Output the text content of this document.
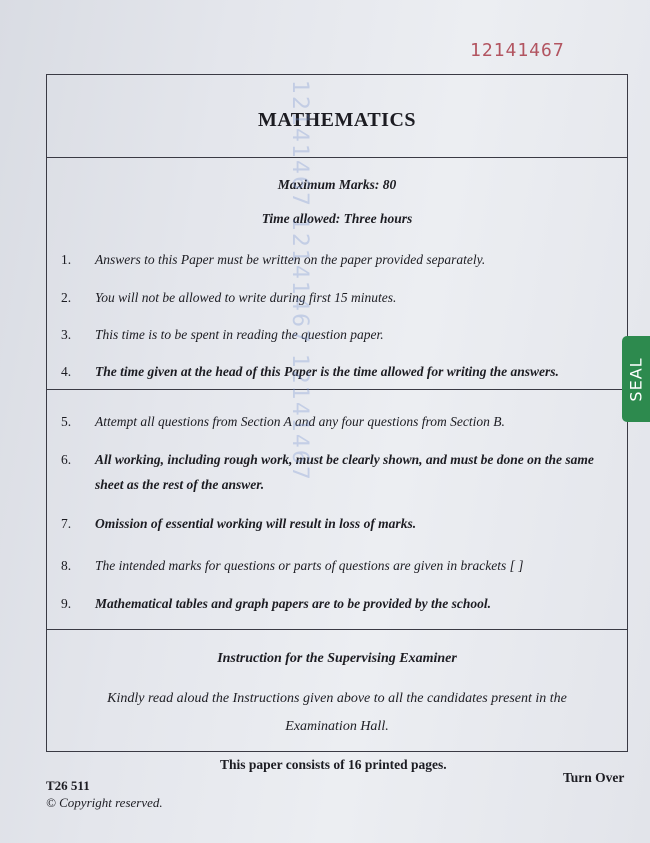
12141467
MATHEMATICS
Maximum Marks: 80
Time allowed: Three hours
1. Answers to this Paper must be written on the paper provided separately.
2. You will not be allowed to write during first 15 minutes.
3. This time is to be spent in reading the question paper.
4. The time given at the head of this Paper is the time allowed for writing the answers.
5. Attempt all questions from Section A and any four questions from Section B.
6. All working, including rough work, must be clearly shown, and must be done on the same sheet as the rest of the answer.
7. Omission of essential working will result in loss of marks.
8. The intended marks for questions or parts of questions are given in brackets [ ]
9. Mathematical tables and graph papers are to be provided by the school.
Instruction for the Supervising Examiner
Kindly read aloud the Instructions given above to all the candidates present in the Examination Hall.
12141467 12141467 12141467
This paper consists of 16 printed pages.
T26 511
© Copyright reserved.
Turn Over
SEAL
